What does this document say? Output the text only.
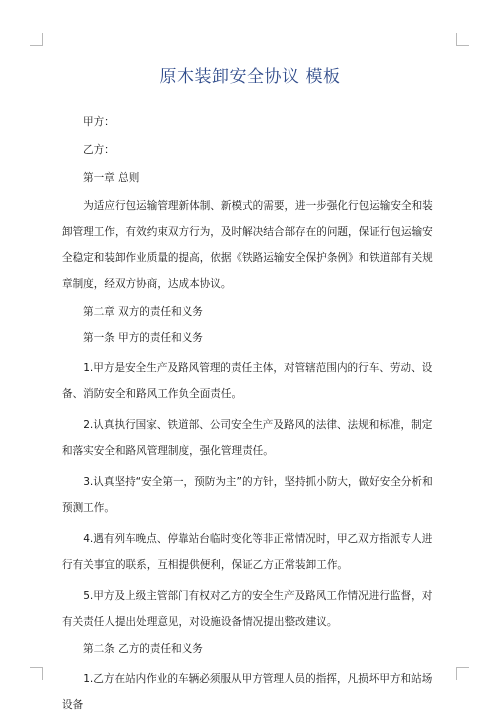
原木装卸安全协议 模板
甲方：
乙方：
第一章 总则

为适应行包运输管理新体制、新模式的需要，进一步强化行包运输安全和装卸管理工作，有效约束双方行为，及时解决结合部存在的问题，保证行包运输安全稳定和装卸作业质量的提高，依据《铁路运输安全保护条例》和铁道部有关规章制度，经双方协商，达成本协议。

第二章 双方的责任和义务
第一条 甲方的责任和义务

1.甲方是安全生产及路风管理的责任主体，对管辖范围内的行车、劳动、设备、消防安全和路风工作负全面责任。

2.认真执行国家、铁道部、公司安全生产及路风的法律、法规和标准，制定和落实安全和路风管理制度，强化管理责任。

3.认真坚持“安全第一，预防为主”的方针，坚持抓小防大，做好安全分析和预测工作。

4.遇有列车晚点、停靠站台临时变化等非正常情况时，甲乙双方指派专人进行有关事宜的联系，互相提供便利，保证乙方正常装卸工作。

5.甲方及上级主管部门有权对乙方的安全生产及路风工作情况进行监督，对有关责任人提出处理意见，对设施设备情况提出整改建议。

第二条 乙方的责任和义务

1.乙方在站内作业的车辆必须服从甲方管理人员的指挥，凡损坏甲方和站场设备
